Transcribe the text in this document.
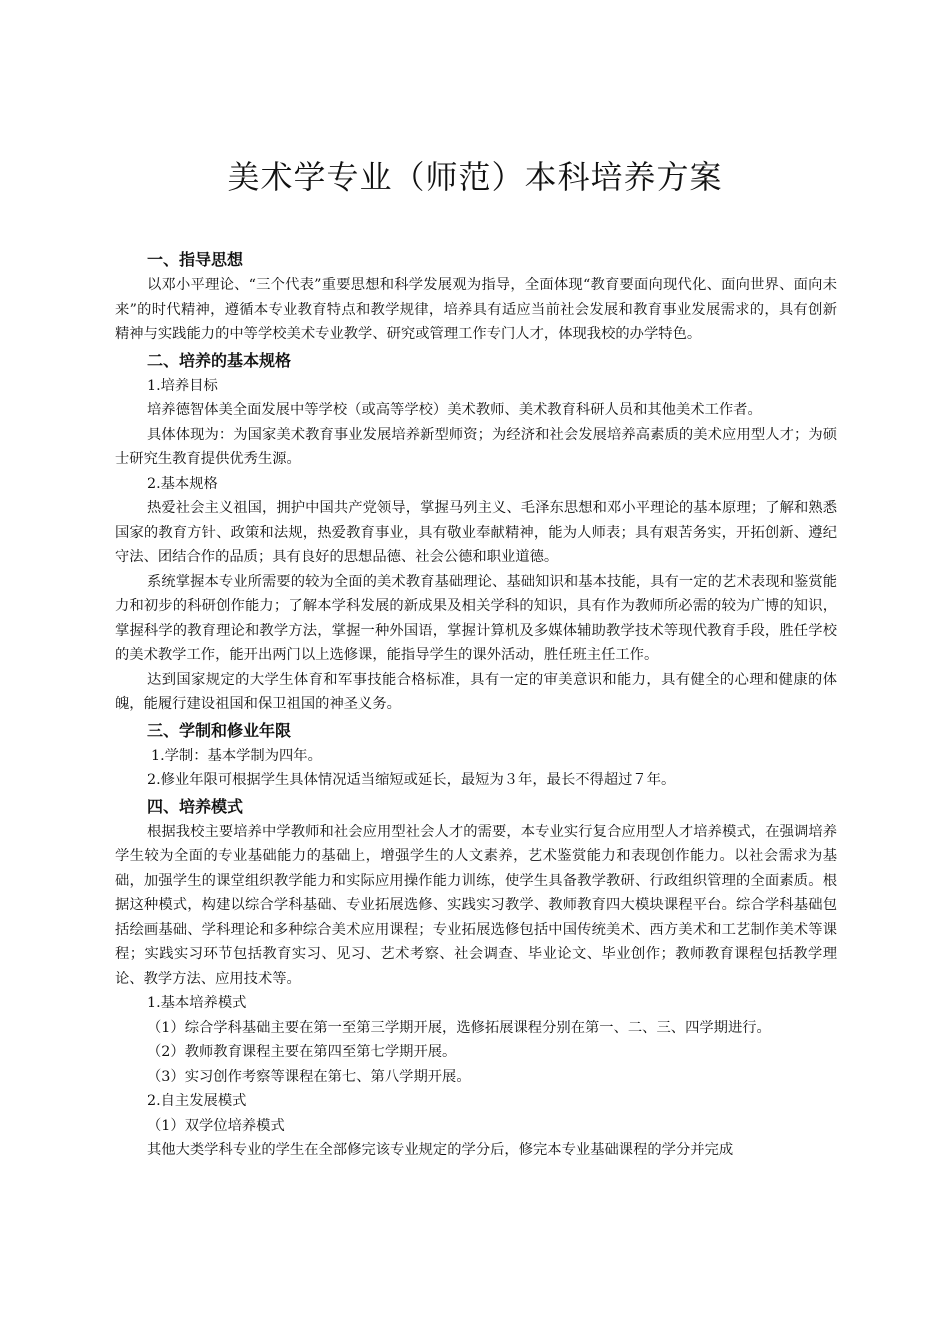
美术学专业（师范）本科培养方案
一、指导思想

以邓小平理论、“三个代表”重要思想和科学发展观为指导，全面体现“教育要面向现代化、面向世界、面向未来”的时代精神，遵循本专业教育特点和教学规律，培养具有适应当前社会发展和教育事业发展需求的，具有创新精神与实践能力的中等学校美术专业教学、研究或管理工作专门人才，体现我校的办学特色。

二、培养的基本规格

1.培养目标

培养德智体美全面发展中等学校（或高等学校）美术教师、美术教育科研人员和其他美术工作者。

具体体现为：为国家美术教育事业发展培养新型师资；为经济和社会发展培养高素质的美术应用型人才；为硕士研究生教育提供优秀生源。

2.基本规格

热爱社会主义祖国，拥护中国共产党领导，掌握马列主义、毛泽东思想和邓小平理论的基本原理；了解和熟悉国家的教育方针、政策和法规，热爱教育事业，具有敬业奉献精神，能为人师表；具有艰苦务实，开拓创新、遵纪守法、团结合作的品质；具有良好的思想品德、社会公德和职业道德。

系统掌握本专业所需要的较为全面的美术教育基础理论、基础知识和基本技能，具有一定的艺术表现和鉴赏能力和初步的科研创作能力；了解本学科发展的新成果及相关学科的知识，具有作为教师所必需的较为广博的知识，掌握科学的教育理论和教学方法，掌握一种外国语，掌握计算机及多媒体辅助教学技术等现代教育手段，胜任学校的美术教学工作，能开出两门以上选修课，能指导学生的课外活动，胜任班主任工作。

达到国家规定的大学生体育和军事技能合格标准，具有一定的审美意识和能力，具有健全的心理和健康的体魄，能履行建设祖国和保卫祖国的神圣义务。

三、学制和修业年限

1.学制：基本学制为四年。

2.修业年限可根据学生具体情况适当缩短或延长，最短为３年，最长不得超过７年。

四、培养模式

根据我校主要培养中学教师和社会应用型社会人才的需要，本专业实行复合应用型人才培养模式，在强调培养学生较为全面的专业基础能力的基础上，增强学生的人文素养，艺术鉴赏能力和表现创作能力。以社会需求为基础，加强学生的课堂组织教学能力和实际应用操作能力训练，使学生具备教学教研、行政组织管理的全面素质。根据这种模式，构建以综合学科基础、专业拓展选修、实践实习教学、教师教育四大模块课程平台。综合学科基础包括绘画基础、学科理论和多种综合美术应用课程；专业拓展选修包括中国传统美术、西方美术和工艺制作美术等课程；实践实习环节包括教育实习、见习、艺术考察、社会调查、毕业论文、毕业创作；教师教育课程包括教学理论、教学方法、应用技术等。

1.基本培养模式

（1）综合学科基础主要在第一至第三学期开展，选修拓展课程分别在第一、二、三、四学期进行。

（2）教师教育课程主要在第四至第七学期开展。

（3）实习创作考察等课程在第七、第八学期开展。

2.自主发展模式

（1）双学位培养模式

其他大类学科专业的学生在全部修完该专业规定的学分后，修完本专业基础课程的学分并完成
